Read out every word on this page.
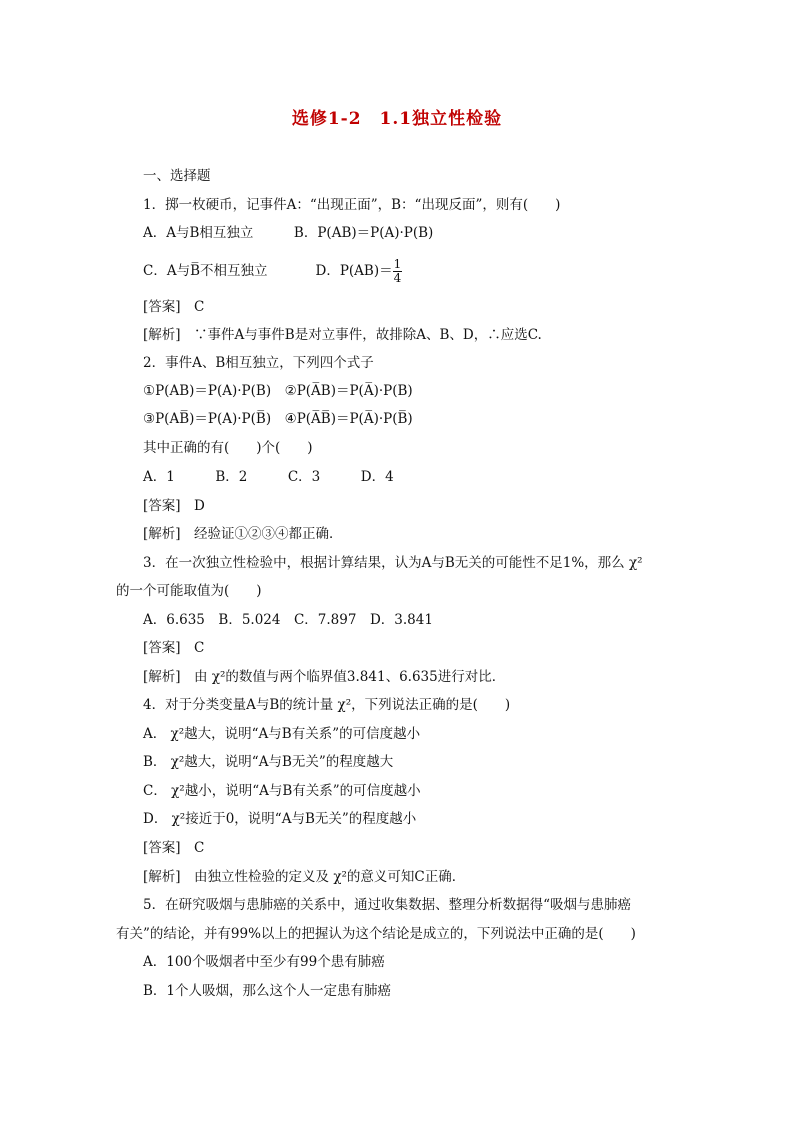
选修1-2　1.1独立性检验
一、选择题
1．掷一枚硬币，记事件A：“出现正面”，B：“出现反面”，则有(　　)
A．A与B相互独立　　　B．P(AB)＝P(A)·P(B)
C．A与B̅不相互独立	D．$P(AB)= \frac{1}{4}$
[答案]　C
[解析]　∵事件A与事件B是对立事件，故排除A、B、D，∴应选C.
2．事件A、B相互独立，下列四个式子
①P(AB)＝P(A)·P(B)　②P(A̅B)＝P(A̅)·P(B)
③P(AB̅)＝P(A)·P(B̅)　④P(A̅B̅)＝P(A̅)·P(B̅)
其中正确的有(　　)个(　　)
A．1　　　B．2　　　C．3　　　D．4
[答案]　D
[解析]　经验证①②③④都正确．
3．在一次独立性检验中，根据计算结果，认为A与B无关的可能性不足1%，那么 χ²
的一个可能取值为(　　)
A．6.635　B．5.024　C．7.897　D．3.841
[答案]　C
[解析]　由 χ²的数值与两个临界值3.841、6.635进行对比．
4．对于分类变量A与B的统计量 χ²，下列说法正确的是(　　)
A． χ²越大，说明“A与B有关系”的可信度越小
B． χ²越大，说明“A与B无关”的程度越大
C． χ²越小，说明“A与B有关系”的可信度越小
D． χ²接近于0，说明“A与B无关”的程度越小
[答案]　C
[解析]　由独立性检验的定义及 χ²的意义可知C正确．
5．在研究吸烟与患肺癌的关系中，通过收集数据、整理分析数据得“吸烟与患肺癌
有关”的结论，并有99%以上的把握认为这个结论是成立的，下列说法中正确的是(　　)
A．100个吸烟者中至少有99个患有肺癌
B．1个人吸烟，那么这个人一定患有肺癌
